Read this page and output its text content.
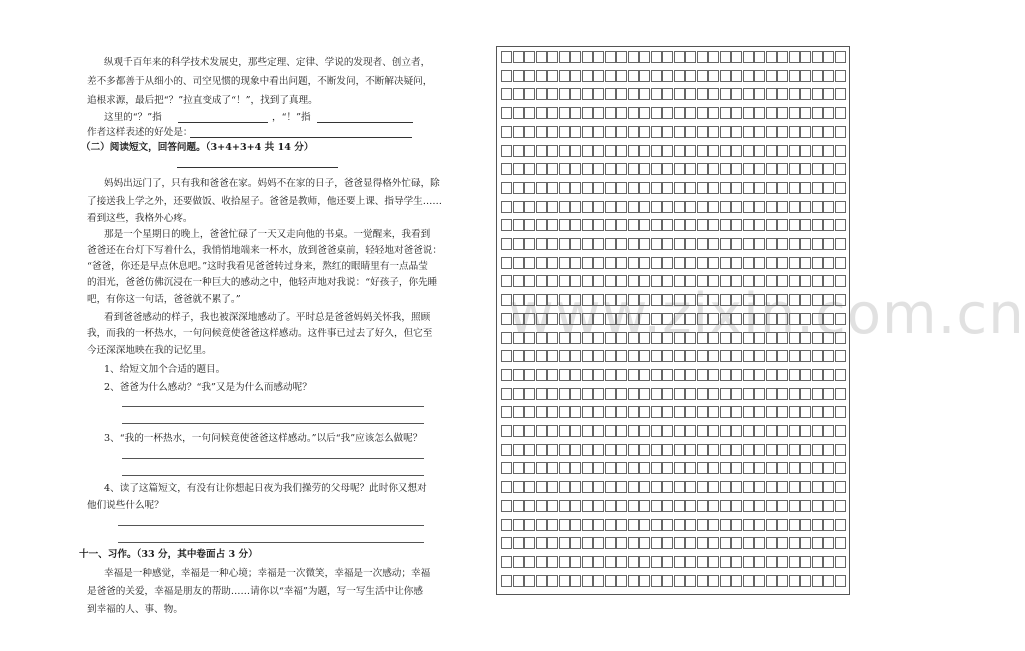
纵观千百年来的科学技术发展史，那些定理、定律、学说的发现者、创立者，
差不多都善于从细小的、司空见惯的现象中看出问题，不断发问，不断解决疑问，
追根求源，最后把“？”拉直变成了“！”，找到了真理。
这里的“？”指	，“！”指
作者这样表述的好处是：
（二）阅读短文，回答问题。（3+4+3+4 共 14 分）
妈妈出远门了，只有我和爸爸在家。妈妈不在家的日子，爸爸显得格外忙碌，除
了接送我上学之外，还要做饭、收拾屋子。爸爸是教师，他还要上课、指导学生……
看到这些，我格外心疼。
那是一个星期日的晚上，爸爸忙碌了一天又走向他的书桌。一觉醒来，我看到
爸爸还在台灯下写着什么，我悄悄地端来一杯水，放到爸爸桌前，轻轻地对爸爸说：
“爸爸，你还是早点休息吧。”这时我看见爸爸转过身来，熬红的眼睛里有一点晶莹
的泪光，爸爸仿佛沉浸在一种巨大的感动之中，他轻声地对我说：“好孩子，你先睡
吧，有你这一句话，爸爸就不累了。”
看到爸爸感动的样子，我也被深深地感动了。平时总是爸爸妈妈关怀我，照顾
我，而我的一杯热水，一句问候竟使爸爸这样感动。这件事已过去了好久，但它至
今还深深地映在我的记忆里。
1、给短文加个合适的题目。
2、爸爸为什么感动？“我”又是为什么而感动呢？
3、“我的一杯热水，一句问候竟使爸爸这样感动。”以后“我”应该怎么做呢？
4、读了这篇短文，有没有让你想起日夜为我们操劳的父母呢？此时你又想对
他们说些什么呢？
十一、习作。（33 分，其中卷面占 3 分）
幸福是一种感觉，幸福是一种心境；幸福是一次微笑，幸福是一次感动；幸福
是爸爸的关爱，幸福是朋友的帮助……请你以“幸福”为题，写一写生活中让你感
到幸福的人、事、物。
www.zixin.com.cn
